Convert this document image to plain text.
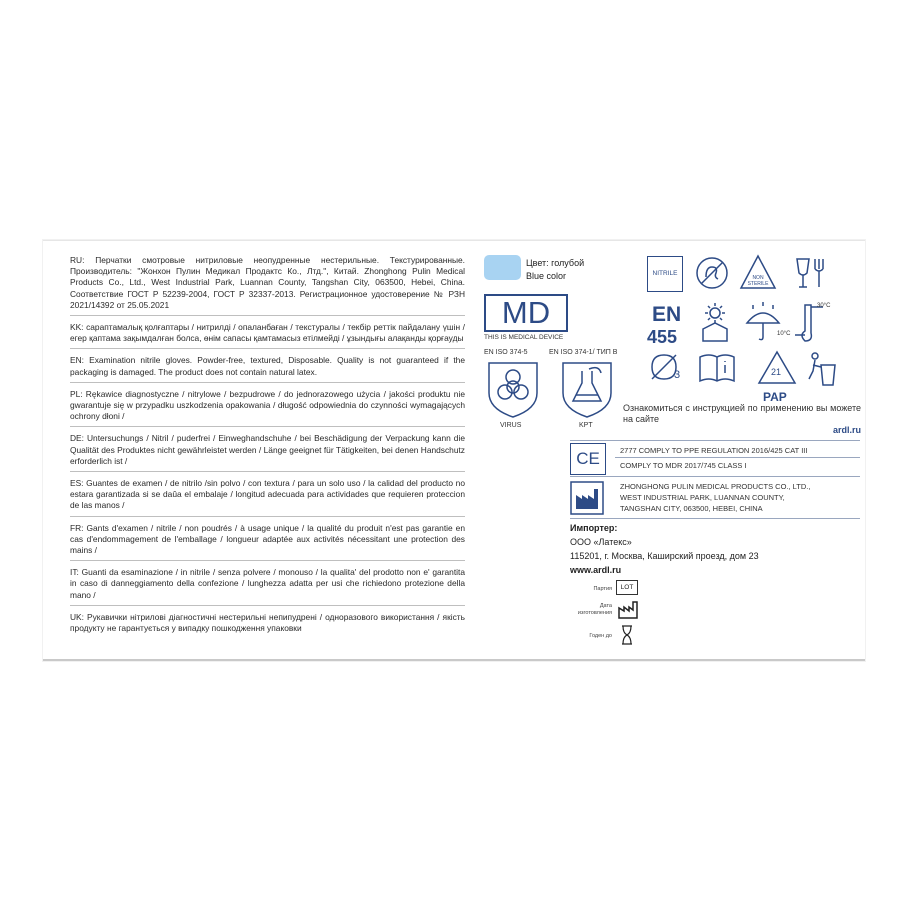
RU: Перчатки смотровые нитриловые неопудренные нестерильные. Текстурированные. Производитель: "Жонхон Пулин Медикал Продактс Ко., Лтд.", Китай. Zhonghong Pulin Medical Products Co., Ltd., West Industrial Park, Luannan County, Tangshan City, 063500, Hebei, China. Соответствие ГОСТ Р 52239-2004, ГОСТ Р 32337-2013. Регистрационное удостоверение № РЗН 2021/14392 от 25.05.2021

KK: сараптамалық қолғаптары / нитрилді / опаланбаған / текстуралы / текбір реттік пайдалану үшін / егер қаптама зақымдалған болса, өнім сапасы қамтамасыз етілмейді / ұзындығы алақанды қорғауды

EN: Examination nitrile gloves. Powder-free, textured, Disposable. Quality is not guaranteed if the packaging is damaged. The product does not contain natural latex.

PL: Rękawice diagnostyczne / nitrylowe / bezpudrowe / do jednorazowego użycia / jakości produktu nie gwarantuje się w przypadku uszkodzenia opakowania / długość odpowiednia do czynności wymagających ochrony dłoni /

DE: Untersuchungs / Nitril / puderfrei / Einweghandschuhe / bei Beschädigung der Verpackung kann die Qualität des Produktes nicht gewährleistet werden / Länge geeignet für Tätigkeiten, bei denen Handschutz erforderlich ist /

ES: Guantes de examen / de nitrilo /sin polvo / con textura / para un solo uso / la calidad del producto no estara garantizada si se daûa el embalaje / longitud adecuada para actividades que requieren proteccion de las manos /

FR: Gants d'examen / nitrile / non poudrés / à usage unique / la qualité du produit n'est pas garantie en cas d'endommagement de l'emballage / longueur adaptée aux activités nécessitant une protection des mains /

IT: Guanti da esaminazione / in nitrile / senza polvere / monouso / la qualita' del prodotto non e' garantita in caso di danneggiamento della confezione / lunghezza adatta per usi che richiedono protezione della mano /

UK: Рукавички нітрилові діагностичні нестерильні непипудрені / одноразового використання / якість продукту не гарантується у випадку пошкодження упаковки

Цвет: голубой
Blue color
MD
THIS IS MEDICAL DEVICE
EN ISO 374-5	EN ISO 374-1/ ТИП В
VIRUS	KPT
NITRILE
NON STERILE
EN
455
30°C
10°C
3	21
PAP
Ознакомиться с инструкцией по применению вы можете на сайте
ardl.ru
CE	2777 COMPLY TO PPE REGULATION 2016/425 CAT III
COMPLY TO MDR 2017/745 CLASS I
ZHONGHONG PULIN MEDICAL PRODUCTS CO., LTD.,
WEST INDUSTRIAL PARK, LUANNAN COUNTY,
TANGSHAN CITY, 063500, HEBEI, CHINA
Импортер:
ООО «Латекс»
115201, г. Москва, Каширский проезд, дом 23
www.ardl.ru
Партия	LOT
Дата изготовления
Годен до
